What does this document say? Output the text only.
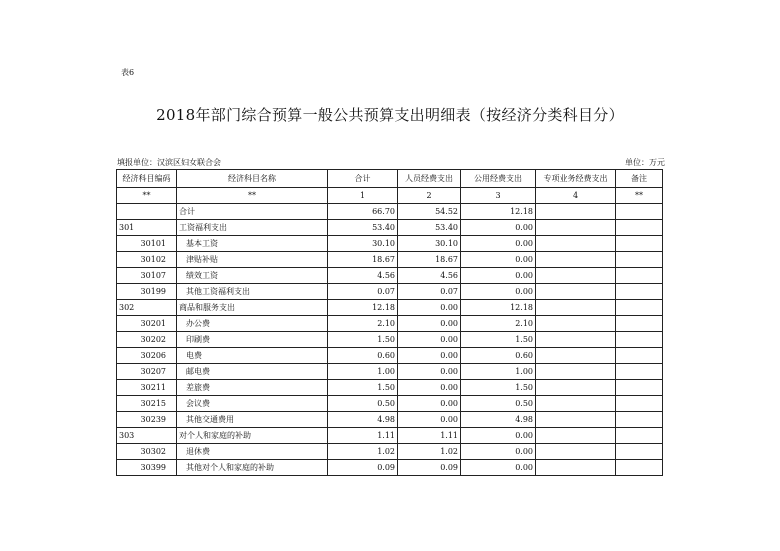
表6
2018年部门综合预算一般公共预算支出明细表（按经济分类科目分）
填报单位：汉滨区妇女联合会	单位：万元
经济科目编码	经济科目名称	合计	人员经费支出	公用经费支出	专项业务经费支出	备注
**	**	1	2	3	4	**
	合计	66.70	54.52	12.18		
301	工资福利支出	53.40	53.40	0.00		
30101	基本工资	30.10	30.10	0.00		
30102	津贴补贴	18.67	18.67	0.00		
30107	绩效工资	4.56	4.56	0.00		
30199	其他工资福利支出	0.07	0.07	0.00		
302	商品和服务支出	12.18	0.00	12.18		
30201	办公费	2.10	0.00	2.10		
30202	印刷费	1.50	0.00	1.50		
30206	电费	0.60	0.00	0.60		
30207	邮电费	1.00	0.00	1.00		
30211	差旅费	1.50	0.00	1.50		
30215	会议费	0.50	0.00	0.50		
30239	其他交通费用	4.98	0.00	4.98		
303	对个人和家庭的补助	1.11	1.11	0.00		
30302	退休费	1.02	1.02	0.00		
30399	其他对个人和家庭的补助	0.09	0.09	0.00		
